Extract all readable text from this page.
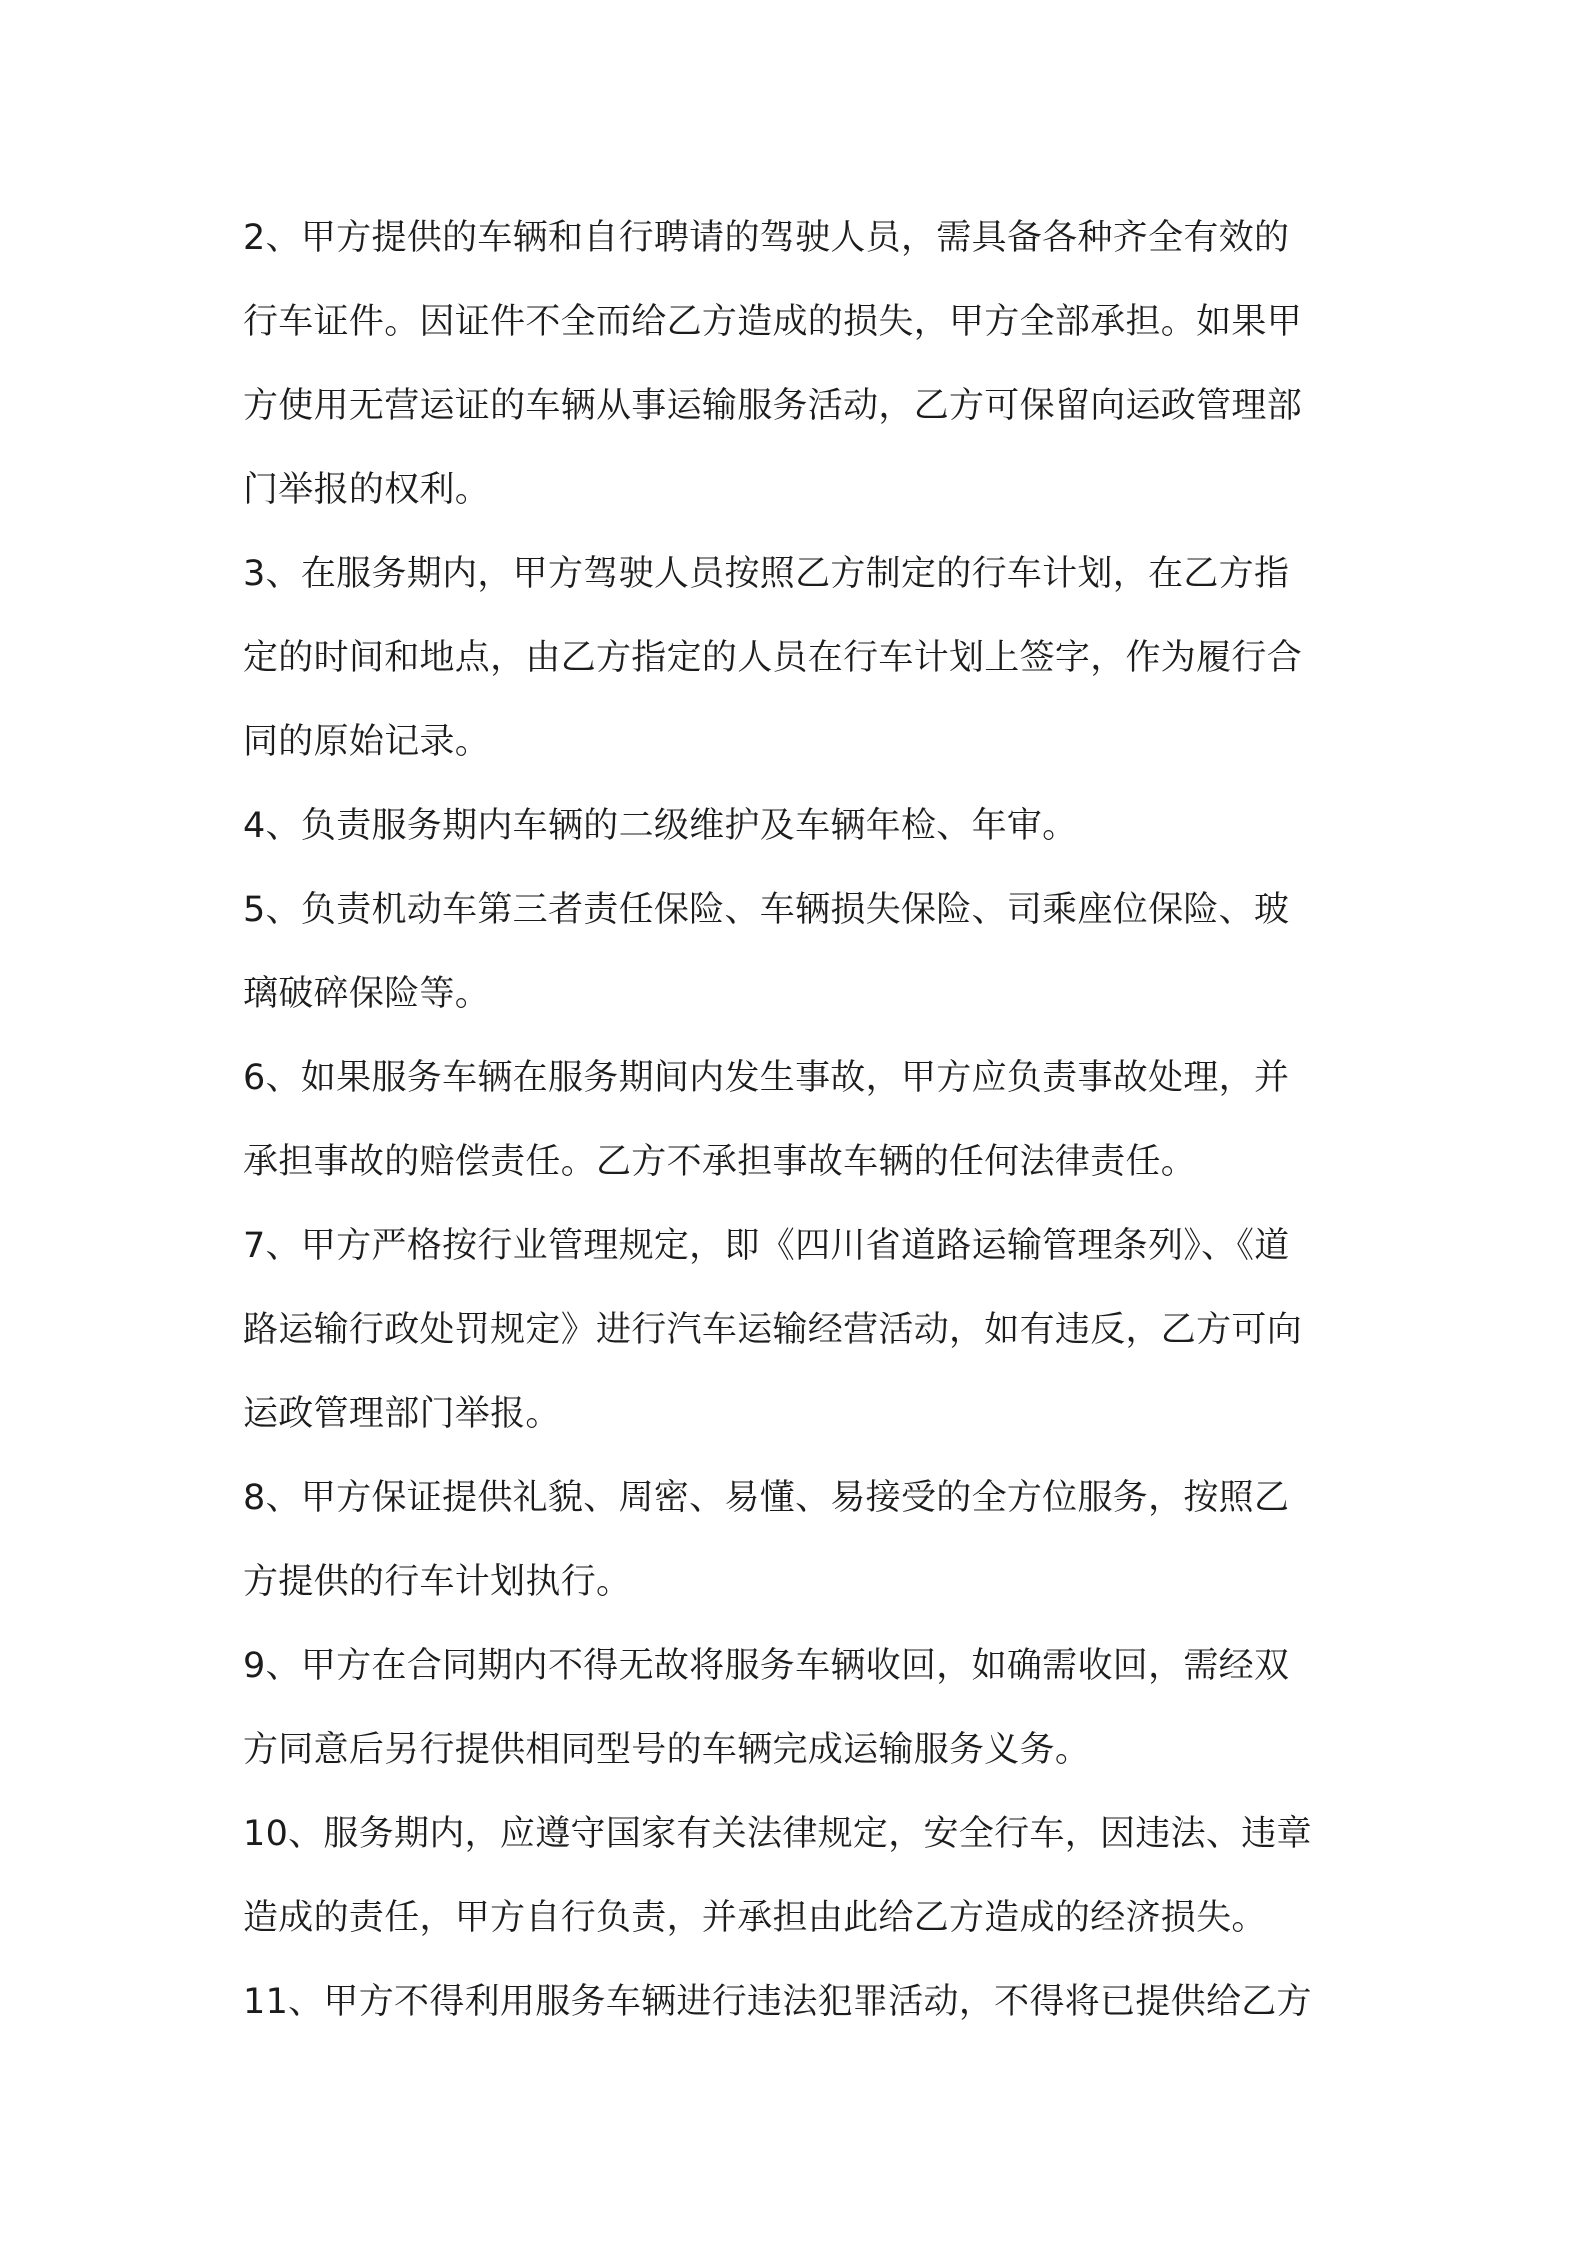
2、甲方提供的车辆和自行聘请的驾驶人员，需具备各种齐全有效的
行车证件。因证件不全而给乙方造成的损失，甲方全部承担。如果甲
方使用无营运证的车辆从事运输服务活动，乙方可保留向运政管理部
门举报的权利。

3、在服务期内，甲方驾驶人员按照乙方制定的行车计划，在乙方指
定的时间和地点，由乙方指定的人员在行车计划上签字，作为履行合
同的原始记录。

4、负责服务期内车辆的二级维护及车辆年检、年审。

5、负责机动车第三者责任保险、车辆损失保险、司乘座位保险、玻
璃破碎保险等。

6、如果服务车辆在服务期间内发生事故，甲方应负责事故处理，并
承担事故的赔偿责任。乙方不承担事故车辆的任何法律责任。

7、甲方严格按行业管理规定，即《四川省道路运输管理条列》、《道
路运输行政处罚规定》进行汽车运输经营活动，如有违反，乙方可向
运政管理部门举报。

8、甲方保证提供礼貌、周密、易懂、易接受的全方位服务，按照乙
方提供的行车计划执行。

9、甲方在合同期内不得无故将服务车辆收回，如确需收回，需经双
方同意后另行提供相同型号的车辆完成运输服务义务。

10、服务期内，应遵守国家有关法律规定，安全行车，因违法、违章
造成的责任，甲方自行负责，并承担由此给乙方造成的经济损失。

11、甲方不得利用服务车辆进行违法犯罪活动，不得将已提供给乙方
